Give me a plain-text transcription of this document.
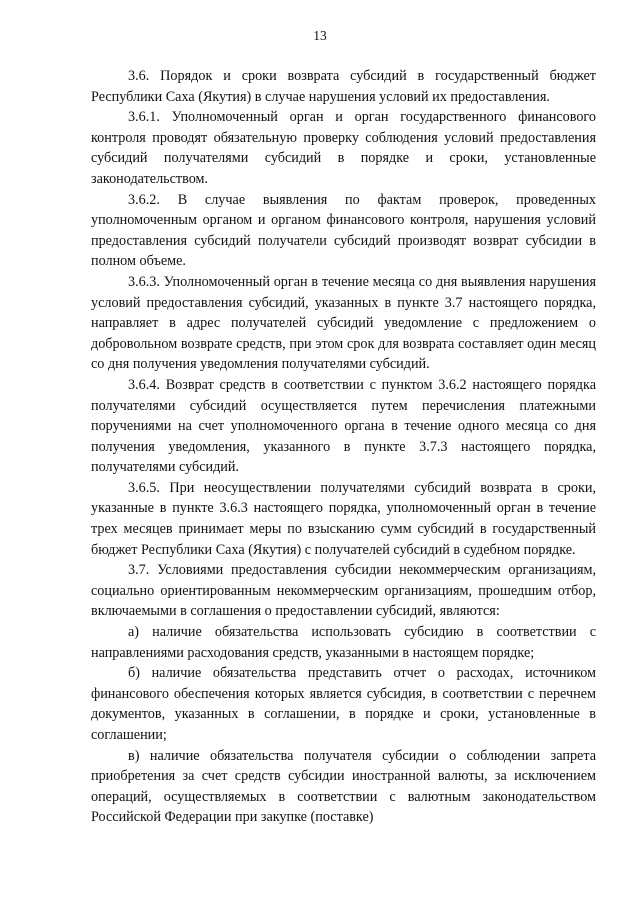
13

3.6. Порядок и сроки возврата субсидий в государственный бюджет Республики Саха (Якутия) в случае нарушения условий их предоставления.

3.6.1. Уполномоченный орган и орган государственного финансового контроля проводят обязательную проверку соблюдения условий предоставления субсидий получателями субсидий в порядке и сроки, установленные законодательством.

3.6.2. В случае выявления по фактам проверок, проведенных уполномоченным органом и органом финансового контроля, нарушения условий предоставления субсидий получатели субсидий производят возврат субсидии в полном объеме.

3.6.3. Уполномоченный орган в течение месяца со дня выявления нарушения условий предоставления субсидий, указанных в пункте 3.7 настоящего порядка, направляет в адрес получателей субсидий уведомление с предложением о добровольном возврате средств, при этом срок для возврата составляет один месяц со дня получения уведомления получателями субсидий.

3.6.4. Возврат средств в соответствии с пунктом 3.6.2 настоящего порядка получателями субсидий осуществляется путем перечисления платежными поручениями на счет уполномоченного органа в течение одного месяца со дня получения уведомления, указанного в пункте 3.7.3 настоящего порядка, получателями субсидий.

3.6.5. При неосуществлении получателями субсидий возврата в сроки, указанные в пункте 3.6.3 настоящего порядка, уполномоченный орган в течение трех месяцев принимает меры по взысканию сумм субсидий в государственный бюджет Республики Саха (Якутия) с получателей субсидий в судебном порядке.

3.7. Условиями предоставления субсидии некоммерческим организациям, социально ориентированным некоммерческим организациям, прошедшим отбор, включаемыми в соглашения о предоставлении субсидий, являются:

а) наличие обязательства использовать субсидию в соответствии с направлениями расходования средств, указанными в настоящем порядке;

б) наличие обязательства представить отчет о расходах, источником финансового обеспечения которых является субсидия, в соответствии с перечнем документов, указанных в соглашении, в порядке и сроки, установленные в соглашении;

в) наличие обязательства получателя субсидии о соблюдении запрета приобретения за счет средств субсидии иностранной валюты, за исключением операций, осуществляемых в соответствии с валютным законодательством Российской Федерации при закупке (поставке)
